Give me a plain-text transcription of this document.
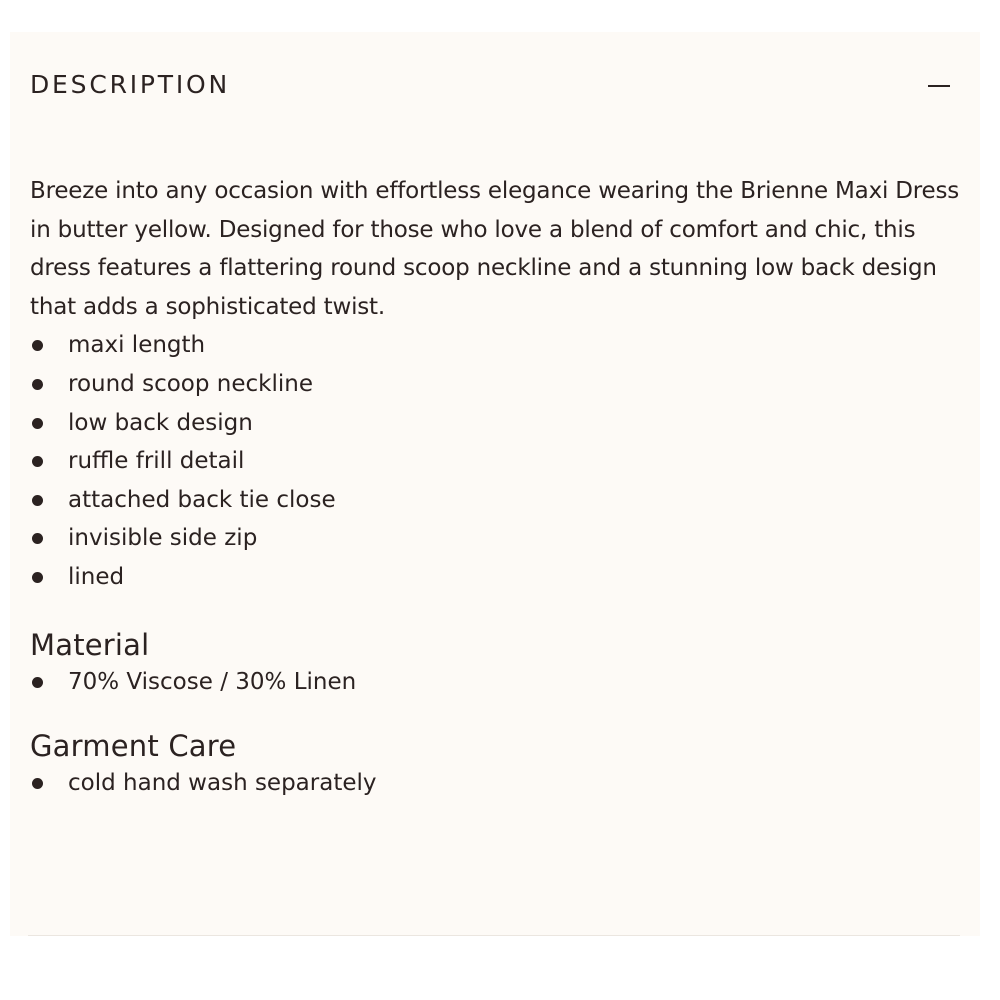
DESCRIPTION

Breeze into any occasion with effortless elegance wearing the Brienne Maxi Dress in butter yellow. Designed for those who love a blend of comfort and chic, this dress features a flattering round scoop neckline and a stunning low back design that adds a sophisticated twist.

maxi length
round scoop neckline
low back design
ruffle frill detail
attached back tie close
invisible side zip
lined
Material
70% Viscose / 30% Linen
Garment Care
cold hand wash separately
